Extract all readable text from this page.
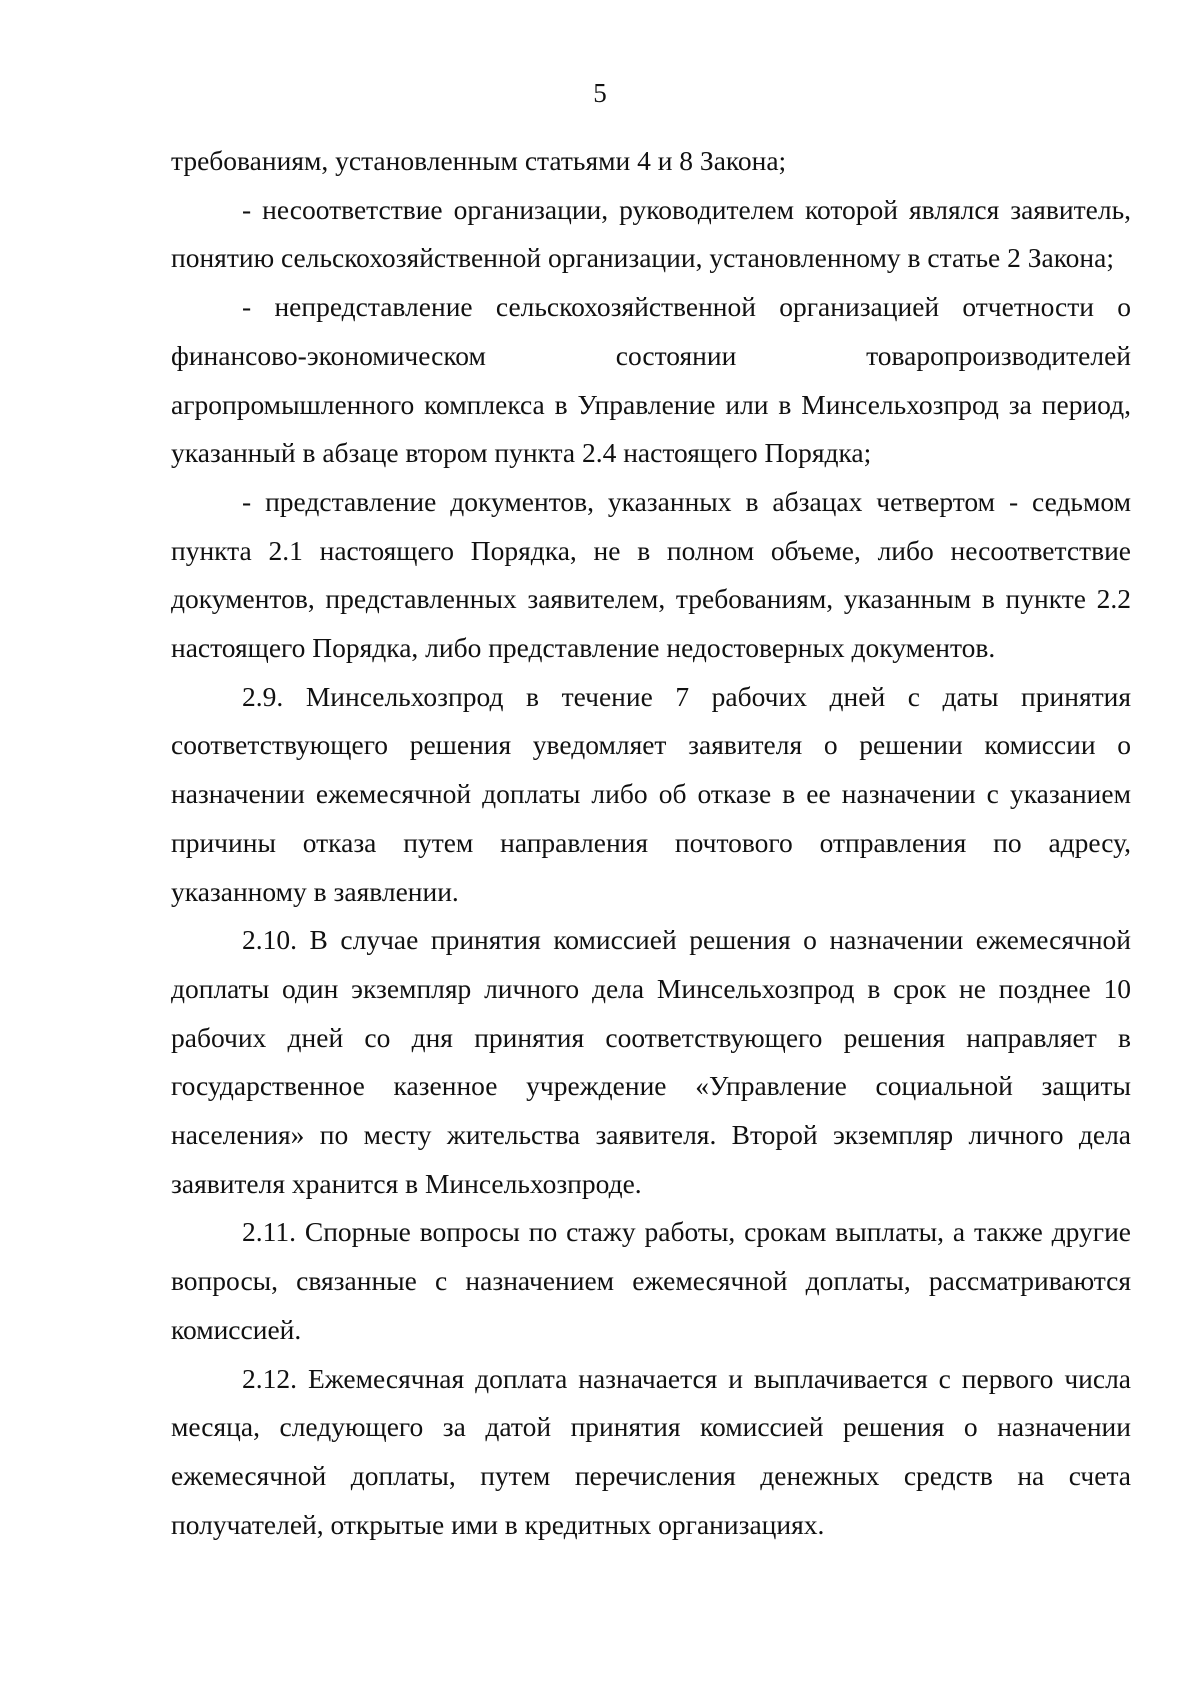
5

требованиям, установленным статьями 4 и 8 Закона;

- несоответствие организации, руководителем которой являлся заявитель, понятию сельскохозяйственной организации, установленному в статье 2 Закона;

- непредставление сельскохозяйственной организацией отчетности о финансово-экономическом состоянии товаропроизводителей агропромышленного комплекса в Управление или в Минсельхозпрод за период, указанный в абзаце втором пункта 2.4 настоящего Порядка;

- представление документов, указанных в абзацах четвертом - седьмом пункта 2.1 настоящего Порядка, не в полном объеме, либо несоответствие документов, представленных заявителем, требованиям, указанным в пункте 2.2 настоящего Порядка, либо представление недостоверных документов.

2.9. Минсельхозпрод в течение 7 рабочих дней с даты принятия соответствующего решения уведомляет заявителя о решении комиссии о назначении ежемесячной доплаты либо об отказе в ее назначении с указанием причины отказа путем направления почтового отправления по адресу, указанному в заявлении.

2.10. В случае принятия комиссией решения о назначении ежемесячной доплаты один экземпляр личного дела Минсельхозпрод в срок не позднее 10 рабочих дней со дня принятия соответствующего решения направляет в государственное казенное учреждение «Управление социальной защиты населения» по месту жительства заявителя. Второй экземпляр личного дела заявителя хранится в Минсельхозпроде.

2.11. Спорные вопросы по стажу работы, срокам выплаты, а также другие вопросы, связанные с назначением ежемесячной доплаты, рассматриваются комиссией.

2.12. Ежемесячная доплата назначается и выплачивается с первого числа месяца, следующего за датой принятия комиссией решения о назначении ежемесячной доплаты, путем перечисления денежных средств на счета получателей, открытые ими в кредитных организациях.
